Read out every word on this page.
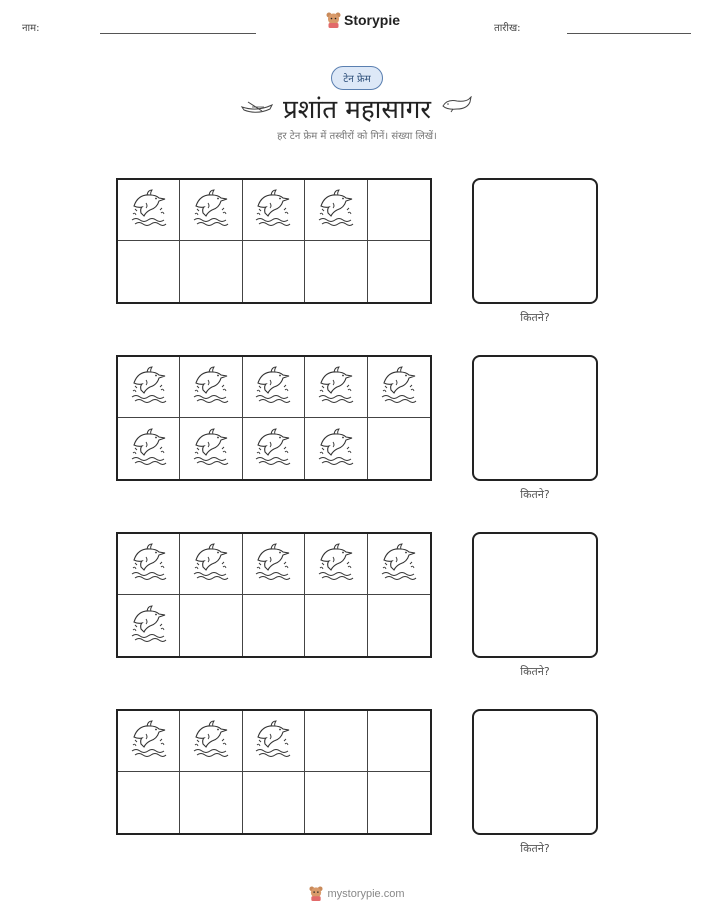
नाम:
Storypie
तारीख:
टेन फ्रेम
प्रशांत महासागर
हर टेन फ्रेम में तस्वीरों को गिनें। संख्या लिखें।
कितने?
कितने?
कितने?
कितने?
mystorypie.com
